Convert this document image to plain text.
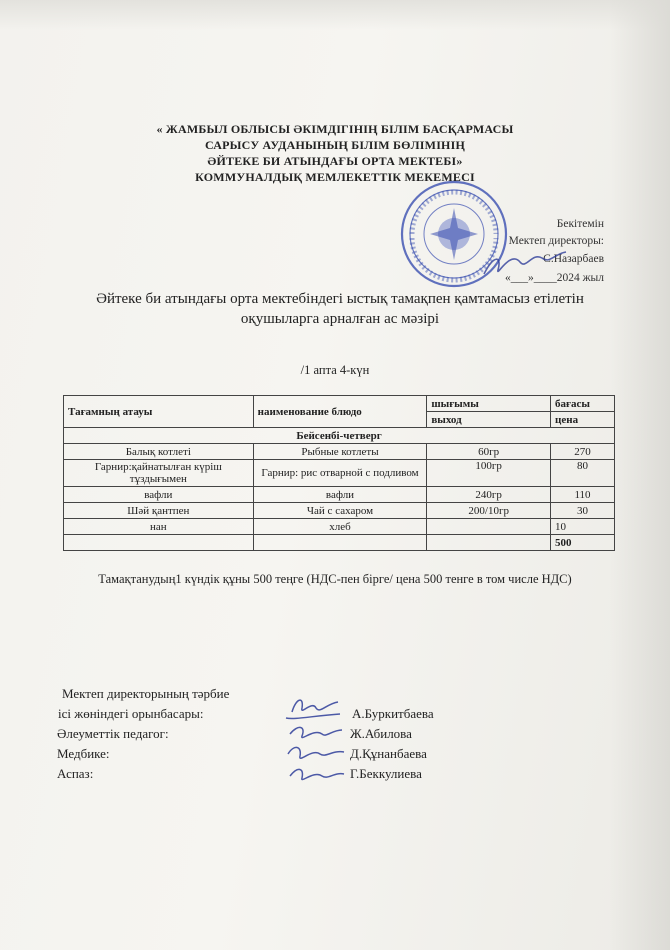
« ЖАМБЫЛ ОБЛЫСЫ ӘКІМДІГІНІҢ БІЛІМ БАСҚАРМАСЫ
САРЫСУ АУДАНЫНЫҢ БІЛІМ БӨЛІМІНІҢ
ӘЙТЕКЕ БИ АТЫНДАҒЫ ОРТА МЕКТЕБІ»
КОММУНАЛДЫҚ МЕМЛЕКЕТТІК МЕКЕМЕСІ
Бекітемін
Мектеп директоры:
С.Назарбаев
«___»____2024 жыл
Әйтеке би атындағы орта мектебіндегі ыстық тамақпен қамтамасыз етілетін
оқушыларга арналған ас мәзірі
/1 апта 4-күн
Тағамның атауы	наименование блюдо	шығымы	бағасы
		выход	цена
Бейсенбі-четверг			
Балық котлеті	Рыбные котлеты	60гр	270
Гарнир:қайнатылған күріш тұздығымен	Гарнир: рис отварной с подливом	100гр	80
вафли	вафли	240гр	110
Шәй қантпен	Чай с сахаром	200/10гр	30
нан	хлеб		10
			500
Тамақтанудың1 күндік құны 500 теңге (НДС-пен бірге/ цена 500 тенге в том числе НДС)
Мектеп директорының тәрбие
ісі жөніндегі орынбасары:	А.Буркитбаева
Әлеуметтік педагог:	Ж.Абилова
Медбике:	Д.Құнанбаева
Аспаз:	Г.Беккулиева
